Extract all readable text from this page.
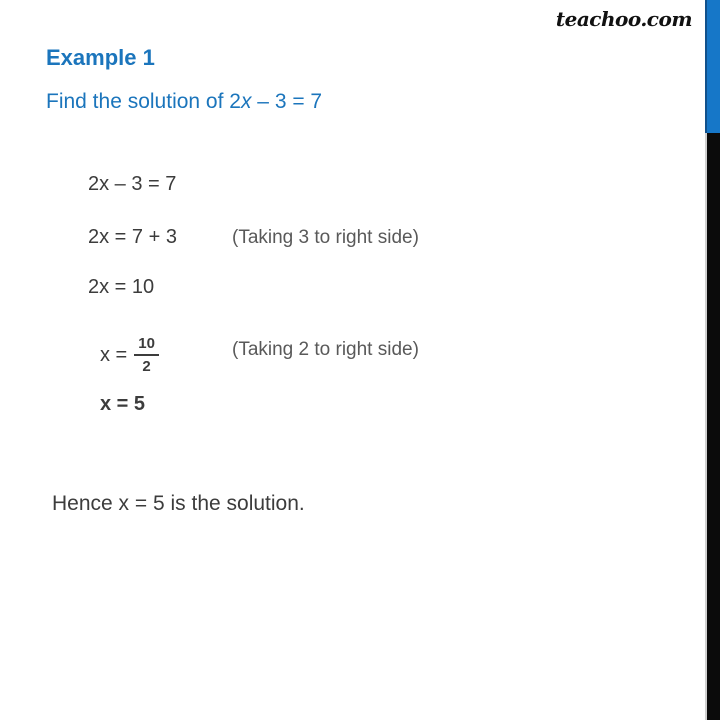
teachoo.com
Example 1
Find the solution of 2x – 3 = 7
2x – 3 = 7
2x = 7 + 3	(Taking 3 to right side)
2x = 10
$x = \frac{10}{2}$	(Taking 2 to right side)
x = 5
Hence x = 5 is the solution.
